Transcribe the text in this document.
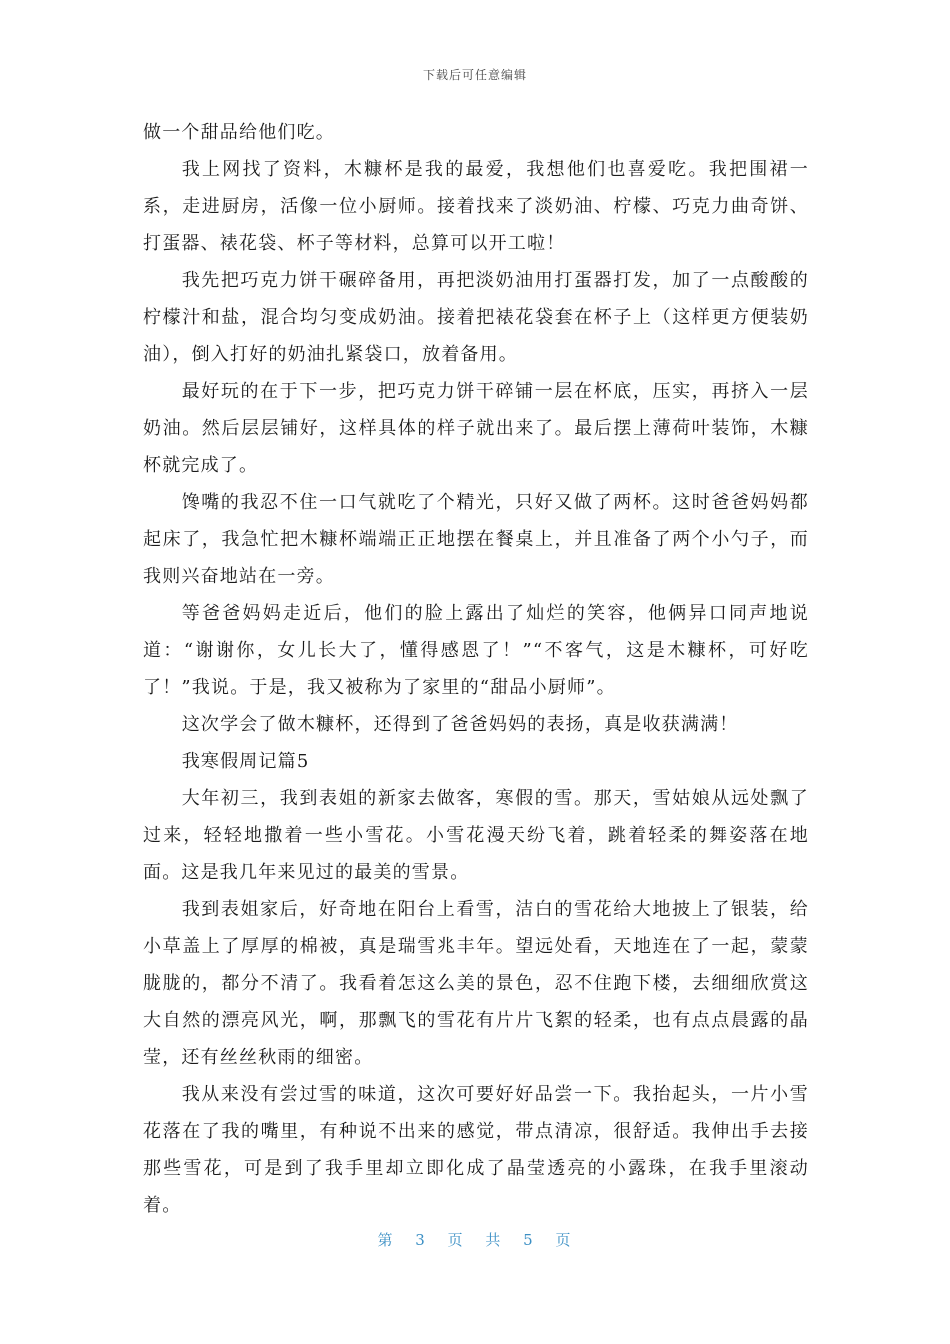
下载后可任意编辑

做一个甜品给他们吃。

我上网找了资料，木糠杯是我的最爱，我想他们也喜爱吃。我把围裙一系，走进厨房，活像一位小厨师。接着找来了淡奶油、柠檬、巧克力曲奇饼、打蛋器、裱花袋、杯子等材料，总算可以开工啦！

我先把巧克力饼干碾碎备用，再把淡奶油用打蛋器打发，加了一点酸酸的柠檬汁和盐，混合均匀变成奶油。接着把裱花袋套在杯子上（这样更方便装奶油），倒入打好的奶油扎紧袋口，放着备用。

最好玩的在于下一步，把巧克力饼干碎铺一层在杯底，压实，再挤入一层奶油。然后层层铺好，这样具体的样子就出来了。最后摆上薄荷叶装饰，木糠杯就完成了。

馋嘴的我忍不住一口气就吃了个精光，只好又做了两杯。这时爸爸妈妈都起床了，我急忙把木糠杯端端正正地摆在餐桌上，并且准备了两个小勺子，而我则兴奋地站在一旁。

等爸爸妈妈走近后，他们的脸上露出了灿烂的笑容，他俩异口同声地说道：“谢谢你，女儿长大了，懂得感恩了！”“不客气，这是木糠杯，可好吃了！”我说。于是，我又被称为了家里的“甜品小厨师”。

这次学会了做木糠杯，还得到了爸爸妈妈的表扬，真是收获满满！

我寒假周记篇5

大年初三，我到表姐的新家去做客，寒假的雪。那天，雪姑娘从远处飘了过来，轻轻地撒着一些小雪花。小雪花漫天纷飞着，跳着轻柔的舞姿落在地面。这是我几年来见过的最美的雪景。

我到表姐家后，好奇地在阳台上看雪，洁白的雪花给大地披上了银装，给小草盖上了厚厚的棉被，真是瑞雪兆丰年。望远处看，天地连在了一起，蒙蒙胧胧的，都分不清了。我看着怎这么美的景色，忍不住跑下楼，去细细欣赏这大自然的漂亮风光，啊，那飘飞的雪花有片片飞絮的轻柔，也有点点晨露的晶莹，还有丝丝秋雨的细密。

我从来没有尝过雪的味道，这次可要好好品尝一下。我抬起头，一片小雪花落在了我的嘴里，有种说不出来的感觉，带点清凉，很舒适。我伸出手去接那些雪花，可是到了我手里却立即化成了晶莹透亮的小露珠，在我手里滚动着。

第 3 页 共 5 页
